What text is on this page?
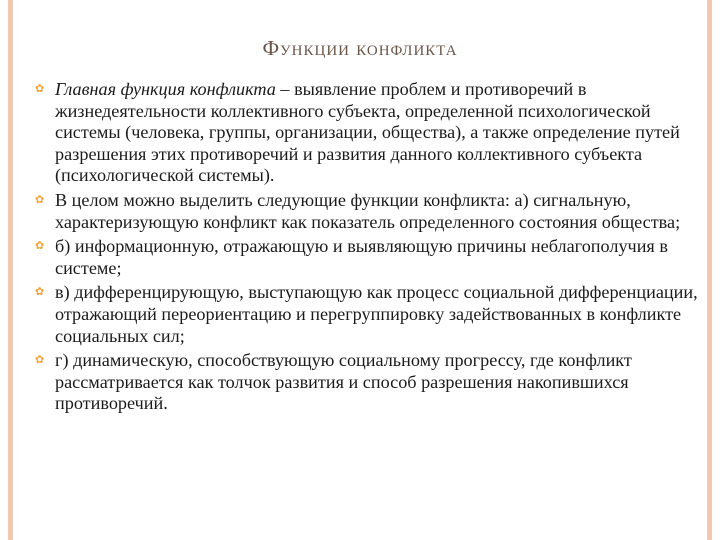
Функции конфликта
✿ Главная функция конфликта – выявление проблем и противоречий в жизнедеятельности коллективного субъекта, определенной психологической системы (человека, группы, организации, общества), а также определение путей разрешения этих противоречий и развития данного коллективного субъекта (психологической системы).
✿ В целом можно выделить следующие функции конфликта: а) сигнальную, характеризующую конфликт как показатель определенного состояния общества;
✿ б) информационную, отражающую и выявляющую причины неблагополучия в системе;
✿ в) дифференцирующую, выступающую как процесс социальной дифференциации, отражающий переориентацию и перегруппировку задействованных в конфликте социальных сил;
✿ г) динамическую, способствующую социальному прогрессу, где конфликт рассматривается как толчок развития и способ разрешения накопившихся противоречий.
